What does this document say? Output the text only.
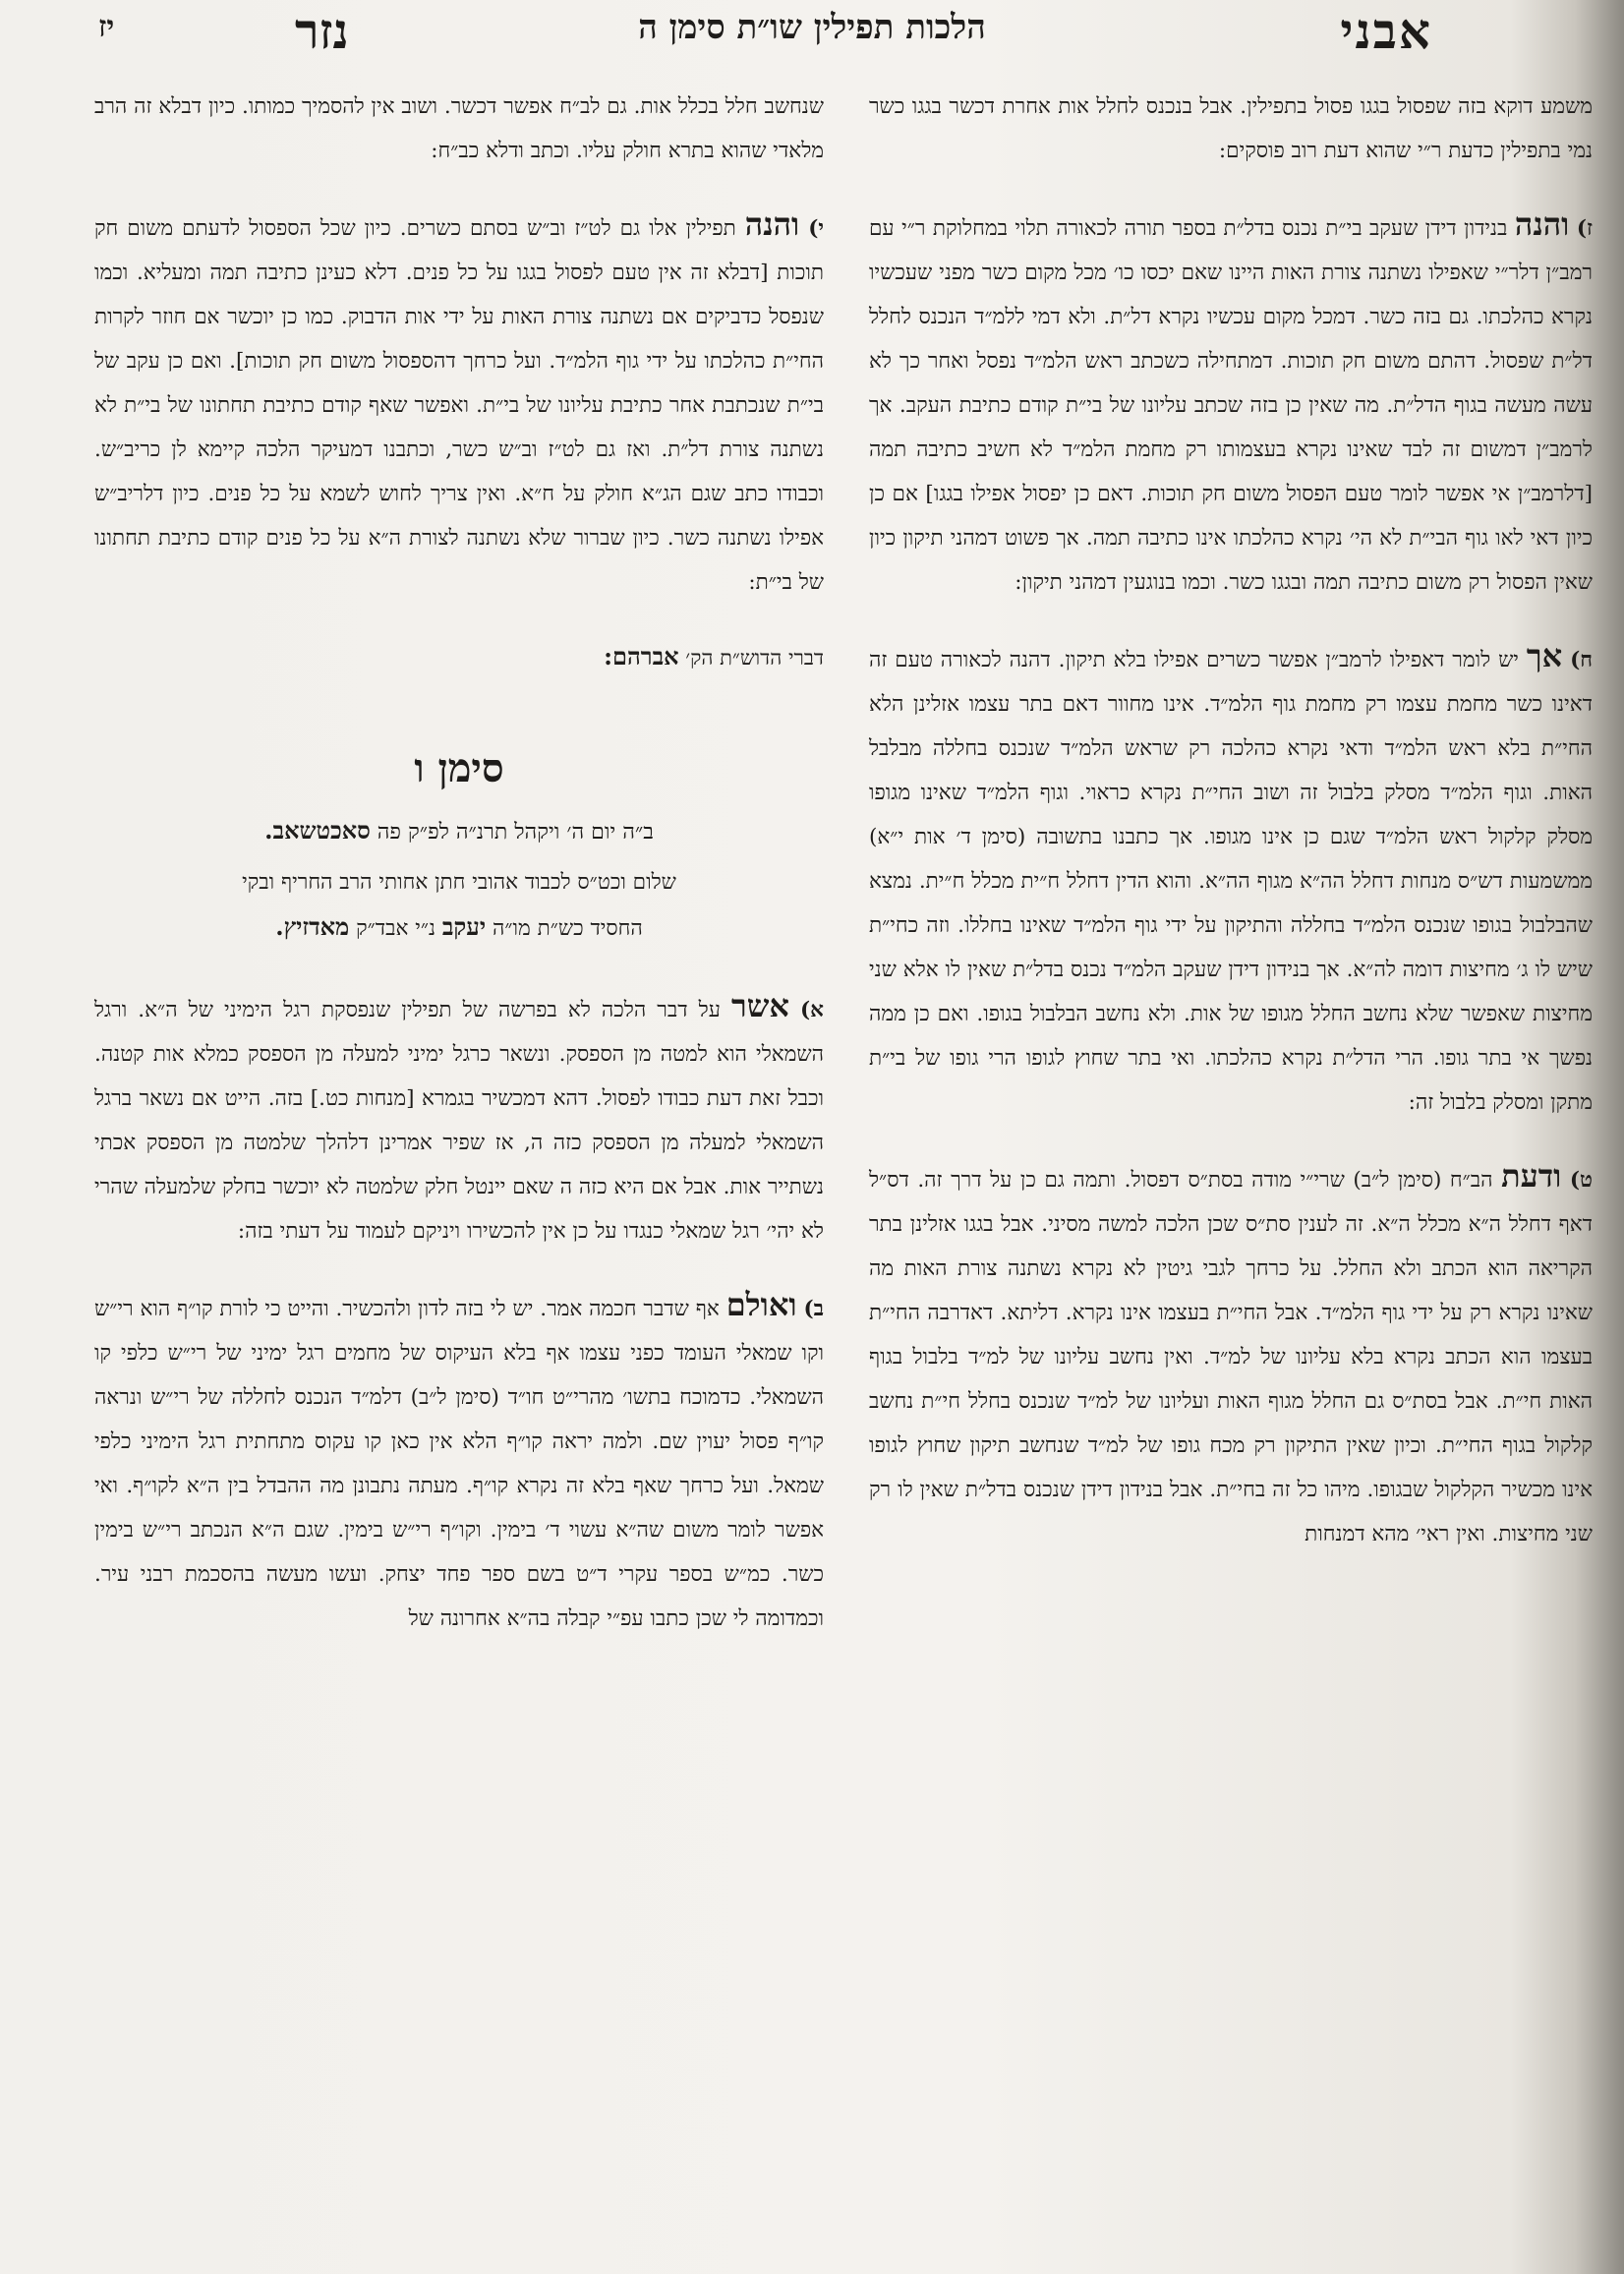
אבני
הלכות תפילין שו״ת סימן ה
נזר
יז

משמע דוקא בזה שפסול בגגו פסול בתפילין. אבל בנכנס לחלל אות אחרת דכשר בגגו כשר נמי בתפילין כדעת ר״י שהוא דעת רוב פוסקים:

ז) והנה בנידון דידן שעקב בי״ת נכנס בדל״ת בספר תורה לכאורה תלוי במחלוקת ר״י עם רמב״ן דלר״י שאפילו נשתנה צורת האות היינו שאם יכסו כו׳ מכל מקום כשר מפני שעכשיו נקרא כהלכתו. גם בזה כשר. דמכל מקום עכשיו נקרא דל״ת. ולא דמי ללמ״ד הנכנס לחלל דל״ת שפסול. דהתם משום חק תוכות. דמתחילה כשכתב ראש הלמ״ד נפסל ואחר כך לא עשה מעשה בגוף הדל״ת. מה שאין כן בזה שכתב עליונו של בי״ת קודם כתיבת העקב. אך לרמב״ן דמשום זה לבד שאינו נקרא בעצמותו רק מחמת הלמ״ד לא חשיב כתיבה תמה [דלרמב״ן אי אפשר לומר טעם הפסול משום חק תוכות. דאם כן יפסול אפילו בגגו] אם כן כיון דאי לאו גוף הבי״ת לא הי׳ נקרא כהלכתו אינו כתיבה תמה. אך פשוט דמהני תיקון כיון שאין הפסול רק משום כתיבה תמה ובגגו כשר. וכמו בנוגעין דמהני תיקון:

ח) אך יש לומר דאפילו לרמב״ן אפשר כשרים אפילו בלא תיקון. דהנה לכאורה טעם זה דאינו כשר מחמת עצמו רק מחמת גוף הלמ״ד. אינו מחוור דאם בתר עצמו אזלינן הלא החי״ת בלא ראש הלמ״ד ודאי נקרא כהלכה רק שראש הלמ״ד שנכנס בחללה מבלבל האות. וגוף הלמ״ד מסלק בלבול זה ושוב החי״ת נקרא כראוי. וגוף הלמ״ד שאינו מגופו מסלק קלקול ראש הלמ״ד שגם כן אינו מגופו. אך כתבנו בתשובה (סימן ד׳ אות י״א) ממשמעות דש״ס מנחות דחלל הה״א מגוף הה״א. והוא הדין דחלל ח״ית מכלל ח״ית. נמצא שהבלבול בגופו שנכנס הלמ״ד בחללה והתיקון על ידי גוף הלמ״ד שאינו בחללו. וזה כחי״ת שיש לו ג׳ מחיצות דומה לה״א. אך בנידון דידן שעקב הלמ״ד נכנס בדל״ת שאין לו אלא שני מחיצות שאפשר שלא נחשב החלל מגופו של אות. ולא נחשב הבלבול בגופו. ואם כן ממה נפשך אי בתר גופו. הרי הדל״ת נקרא כהלכתו. ואי בתר שחוץ לגופו הרי גופו של בי״ת מתקן ומסלק בלבול זה:

ט) ודעת הב״ח (סימן ל״ב) שרי״י מודה בסת״ס דפסול. ותמה גם כן על דרך זה. דס״ל דאף דחלל ה״א מכלל ה״א. זה לענין סת״ס שכן הלכה למשה מסיני. אבל בגגו אזלינן בתר הקריאה הוא הכתב ולא החלל. על כרחך לגבי גיטין לא נקרא נשתנה צורת האות מה שאינו נקרא רק על ידי גוף הלמ״ד. אבל החי״ת בעצמו אינו נקרא. דליתא. דאדרבה החי״ת בעצמו הוא הכתב נקרא בלא עליונו של למ״ד. ואין נחשב עליונו של למ״ד בלבול בגוף האות חי״ת. אבל בסת״ס גם החלל מגוף האות ועליונו של למ״ד שנכנס בחלל חי״ת נחשב קלקול בגוף החי״ת. וכיון שאין התיקון רק מכח גופו של למ״ד שנחשב תיקון שחוץ לגופו אינו מכשיר הקלקול שבגופו. מיהו כל זה בחי״ת. אבל בנידון דידן שנכנס בדל״ת שאין לו רק שני מחיצות. ואין ראי׳ מהא דמנחות

שנחשב חלל בכלל אות. גם לב״ח אפשר דכשר. ושוב אין להסמיך כמותו. כיון דבלא זה הרב מלאדי שהוא בתרא חולק עליו. וכתב ודלא כב״ח:

י) והנה תפילין אלו גם לט״ז וב״ש בסתם כשרים. כיון שכל הספסול לדעתם משום חק תוכות [דבלא זה אין טעם לפסול בגגו על כל פנים. דלא כעינן כתיבה תמה ומעליא. וכמו שנפסל כדביקים אם נשתנה צורת האות על ידי אות הדבוק. כמו כן יוכשר אם חוזר לקרות החי״ת כהלכתו על ידי גוף הלמ״ד. ועל כרחך דהספסול משום חק תוכות]. ואם כן עקב של בי״ת שנכתבת אחר כתיבת עליונו של בי״ת. ואפשר שאף קודם כתיבת תחתונו של בי״ת לא נשתנה צורת דל״ת. ואז גם לט״ז וב״ש כשר, וכתבנו דמעיקר הלכה קיימא לן כריב״ש. וכבודו כתב שגם הג״א חולק על ח״א. ואין צריך לחוש לשמא על כל פנים. כיון דלריב״ש אפילו נשתנה כשר. כיון שברור שלא נשתנה לצורת ה״א על כל פנים קודם כתיבת תחתונו של בי״ת:

דברי הדוש״ת הק׳ אברהם:
סימן ו
ב״ה יום ה׳ ויקהל תרנ״ה לפ״ק פה סאכטשאב.
שלום וכט״ס לכבוד אהובי חתן אחותי הרב החריף ובקי
החסיד כש״ת מו״ה יעקב נ״י אבד״ק מאדזיץ.

א) אשר על דבר הלכה לא בפרשה של תפילין שנפסקת רגל הימיני של ה״א. ורגל השמאלי הוא למטה מן הספסק. ונשאר כרגל ימיני למעלה מן הספסק כמלא אות קטנה. וכבל זאת דעת כבודו לפסול. דהא דמכשיר בגמרא [מנחות כט.] בזה. הייט אם נשאר ברגל השמאלי למעלה מן הספסק כזה ה, אז שפיר אמרינן דלהלך שלמטה מן הספסק אכתי נשתייר אות. אבל אם היא כזה ה שאם יינטל חלק שלמטה לא יוכשר בחלק שלמעלה שהרי לא יהי׳ רגל שמאלי כנגדו על כן אין להכשירו ויניקם לעמוד על דעתי בזה:

ב) ואולם אף שדבר חכמה אמר. יש לי בזה לדון ולהכשיר. והייט כי לורת קו״ף הוא רי״ש וקו שמאלי העומד כפני עצמו אף בלא העיקוס של מחמים רגל ימיני של רי״ש כלפי קו השמאלי. כדמוכח בתשו׳ מהרי״ט חו״ד (סימן ל״ב) דלמ״ד הנכנס לחללה של רי״ש ונראה קו״ף פסול יעוין שם. ולמה יראה קו״ף הלא אין כאן קו עקוס מתחתית רגל הימיני כלפי שמאל. ועל כרחך שאף בלא זה נקרא קו״ף. מעתה נתבונן מה ההבדל בין ה״א לקו״ף. ואי אפשר לומר משום שה״א עשוי ד׳ בימין. וקו״ף רי״ש בימין. שגם ה״א הנכתב רי״ש בימין כשר. כמ״ש בספר עקרי ד״ט בשם ספר פחד יצחק. ועשו מעשה בהסכמת רבני עיר. וכמדומה לי שכן כתבו עפ״י קבלה בה״א אחרונה של
